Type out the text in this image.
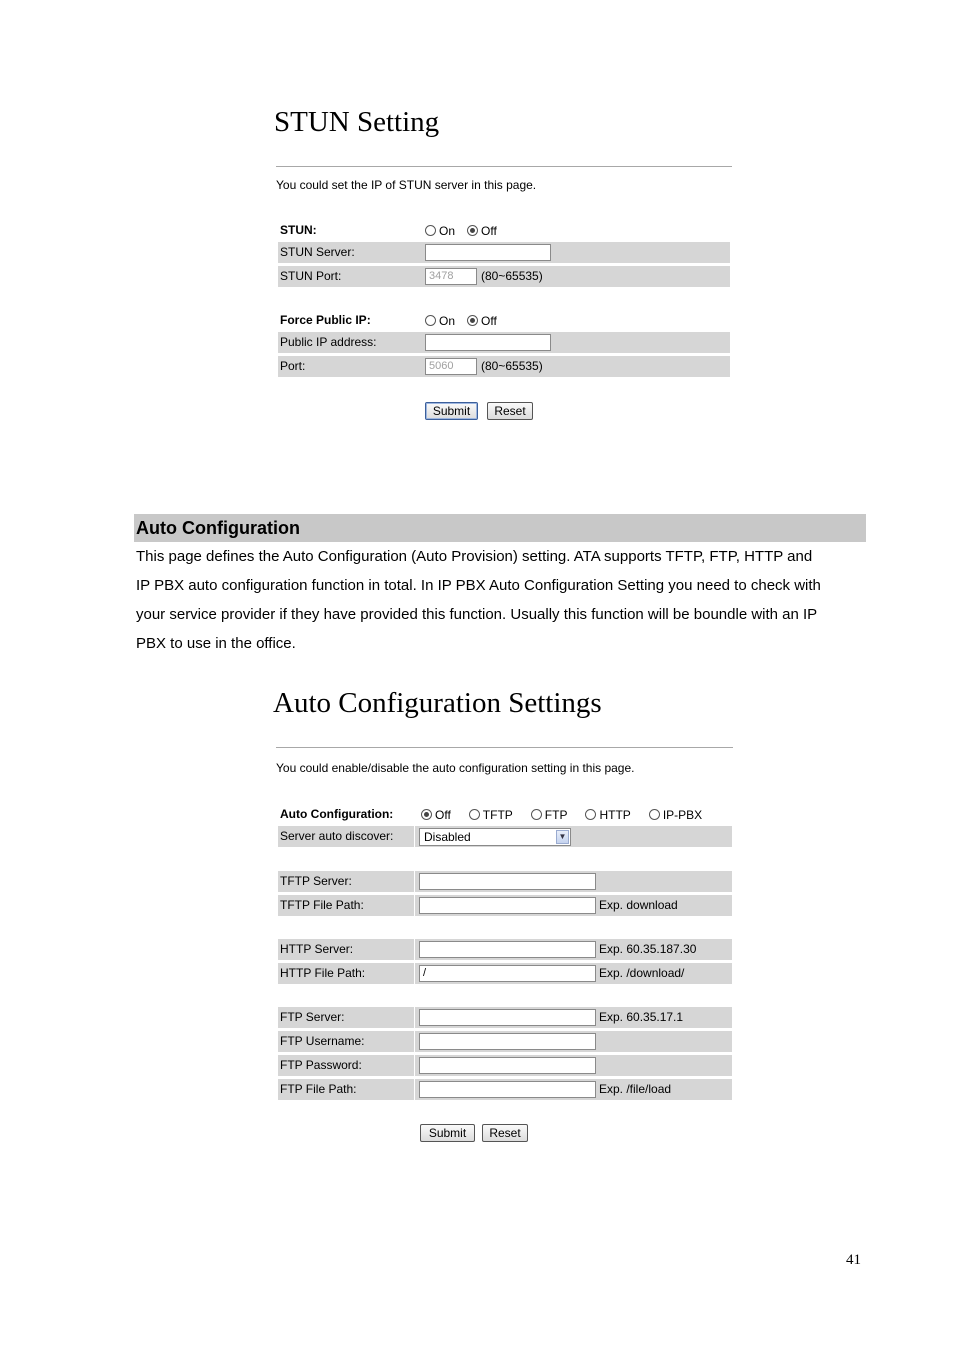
STUN Setting
You could set the IP of STUN server in this page.
STUN:	On Off
STUN Server:
STUN Port:	3478	(80~65535)
Force Public IP:	On Off
Public IP address:
Port:	5060	(80~65535)
Submit	Reset
Auto Configuration
This page defines the Auto Configuration (Auto Provision) setting. ATA supports TFTP, FTP, HTTP and
IP PBX auto configuration function in total. In IP PBX Auto Configuration Setting you need to check with
your service provider if they have provided this function. Usually this function will be boundle with an IP
PBX to use in the office.
Auto Configuration Settings
You could enable/disable the auto configuration setting in this page.
Auto Configuration:	Off	TFTP	FTP	HTTP	IP-PBX
Server auto discover:	Disabled	▼
TFTP Server:
TFTP File Path:	Exp. download
HTTP Server:	Exp. 60.35.187.30
HTTP File Path:	/	Exp. /download/
FTP Server:	Exp. 60.35.17.1
FTP Username:
FTP Password:
FTP File Path:	Exp. /file/load
Submit	Reset
41
